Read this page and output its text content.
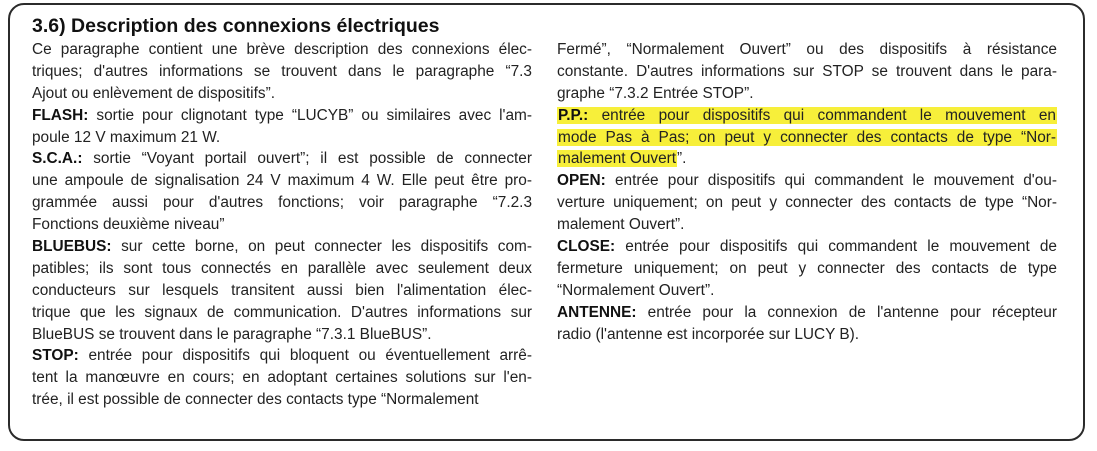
3.6) Description des connexions électriques
Ce paragraphe contient une brève description des connexions élec-
triques; d'autres informations se trouvent dans le paragraphe “7.3
Ajout ou enlèvement de dispositifs”.
FLASH: sortie pour clignotant type “LUCYB” ou similaires avec l'am-
poule 12 V maximum 21 W.
S.C.A.: sortie “Voyant portail ouvert”; il est possible de connecter
une ampoule de signalisation 24 V maximum 4 W. Elle peut être pro-
grammée aussi pour d'autres fonctions; voir paragraphe “7.2.3
Fonctions deuxième niveau”
BLUEBUS: sur cette borne, on peut connecter les dispositifs com-
patibles; ils sont tous connectés en parallèle avec seulement deux
conducteurs sur lesquels transitent aussi bien l'alimentation élec-
trique que les signaux de communication. D'autres informations sur
BlueBUS se trouvent dans le paragraphe “7.3.1 BlueBUS”.
STOP: entrée pour dispositifs qui bloquent ou éventuellement arrê-
tent la manœuvre en cours; en adoptant certaines solutions sur l'en-
trée, il est possible de connecter des contacts type “Normalement
Fermé”, “Normalement Ouvert” ou des dispositifs à résistance
constante. D'autres informations sur STOP se trouvent dans le para-
graphe “7.3.2 Entrée STOP”.
P.P.: entrée pour dispositifs qui commandent le mouvement en
mode Pas à Pas; on peut y connecter des contacts de type “Nor-
malement Ouvert”.
OPEN: entrée pour dispositifs qui commandent le mouvement d'ou-
verture uniquement; on peut y connecter des contacts de type “Nor-
malement Ouvert”.
CLOSE: entrée pour dispositifs qui commandent le mouvement de
fermeture uniquement; on peut y connecter des contacts de type
“Normalement Ouvert”.
ANTENNE: entrée pour la connexion de l'antenne pour récepteur
radio (l'antenne est incorporée sur LUCY B).
